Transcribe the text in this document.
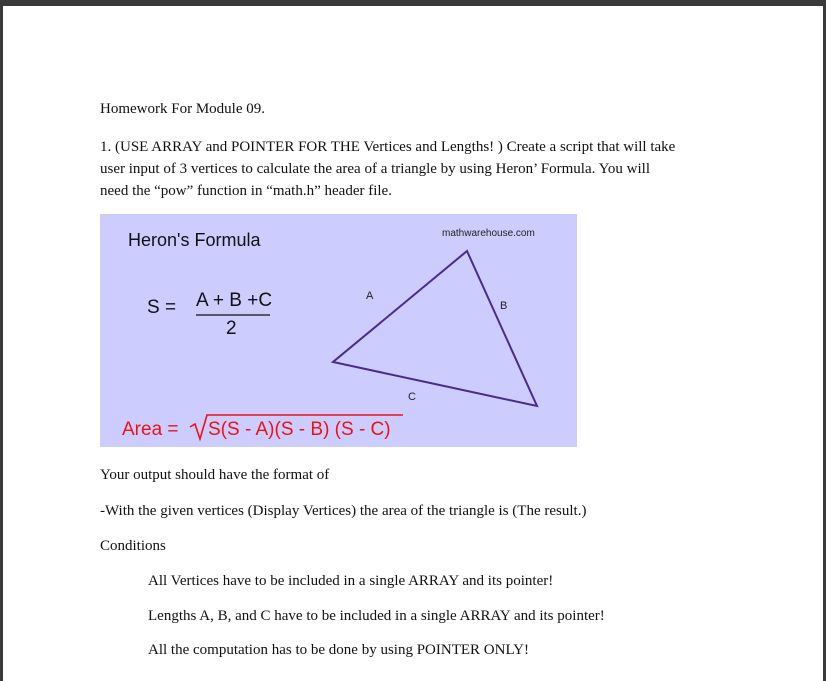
Homework For Module 09.

1. (USE ARRAY and POINTER FOR THE Vertices and Lengths! ) Create a script that will take

user input of 3 vertices to calculate the area of a triangle by using Heron’ Formula. You will

need the “pow” function in “math.h” header file.

Heron's Formula	mathwarehouse.com
S = A + B +C
2
A
B
C
Area = S(S - A)(S - B) (S - C)

Your output should have the format of

-With the given vertices (Display Vertices) the area of the triangle is (The result.)

Conditions

All Vertices have to be included in a single ARRAY and its pointer!

Lengths A, B, and C have to be included in a single ARRAY and its pointer!

All the computation has to be done by using POINTER ONLY!
